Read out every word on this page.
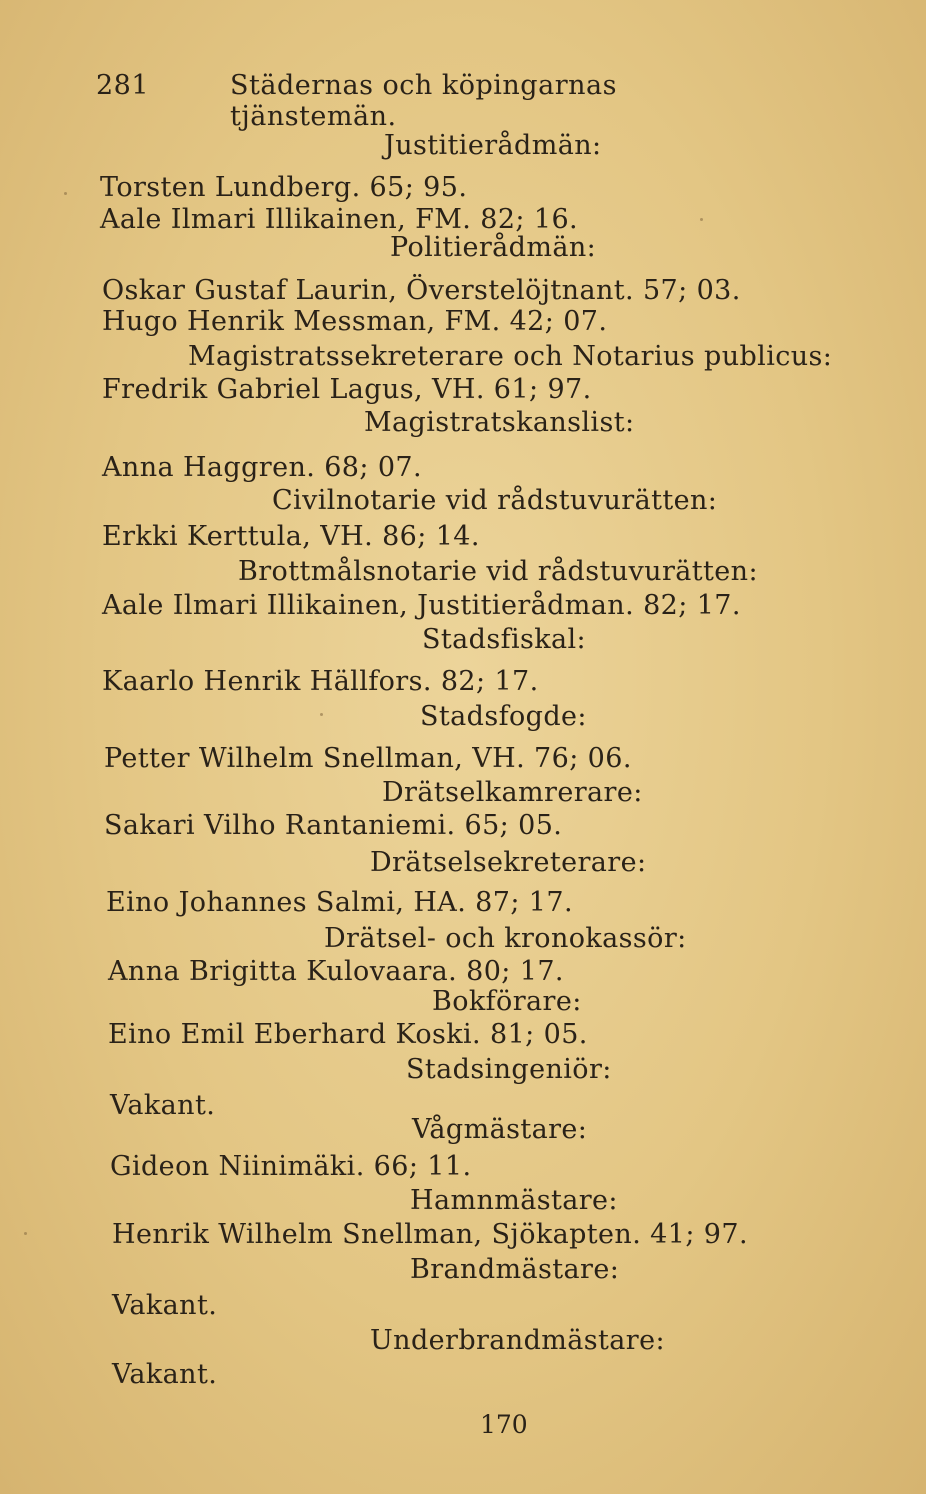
281	Städernas och köpingarnas tjänstemän.
Justitierådmän:
Torsten Lundberg. 65; 95.
Aale Ilmari Illikainen, FM. 82; 16.
Politierådmän:
Oskar Gustaf Laurin, Överstelöjtnant. 57; 03.
Hugo Henrik Messman, FM. 42; 07.
Magistratssekreterare och Notarius publicus:
Fredrik Gabriel Lagus, VH. 61; 97.
Magistratskanslist:
Anna Haggren. 68; 07.
Civilnotarie vid rådstuvurätten:
Erkki Kerttula, VH. 86; 14.
Brottmålsnotarie vid rådstuvurätten:
Aale Ilmari Illikainen, Justitierådman. 82; 17.
Stadsfiskal:
Kaarlo Henrik Hällfors. 82; 17.
Stadsfogde:
Petter Wilhelm Snellman, VH. 76; 06.
Drätselkamrerare:
Sakari Vilho Rantaniemi. 65; 05.
Drätselsekreterare:
Eino Johannes Salmi, HA. 87; 17.
Drätsel- och kronokassör:
Anna Brigitta Kulovaara. 80; 17.
Bokförare:
Eino Emil Eberhard Koski. 81; 05.
Stadsingeniör:
Vakant.
Vågmästare:
Gideon Niinimäki. 66; 11.
Hamnmästare:
Henrik Wilhelm Snellman, Sjökapten. 41; 97.
Brandmästare:
Vakant.
Underbrandmästare:
Vakant.
170
